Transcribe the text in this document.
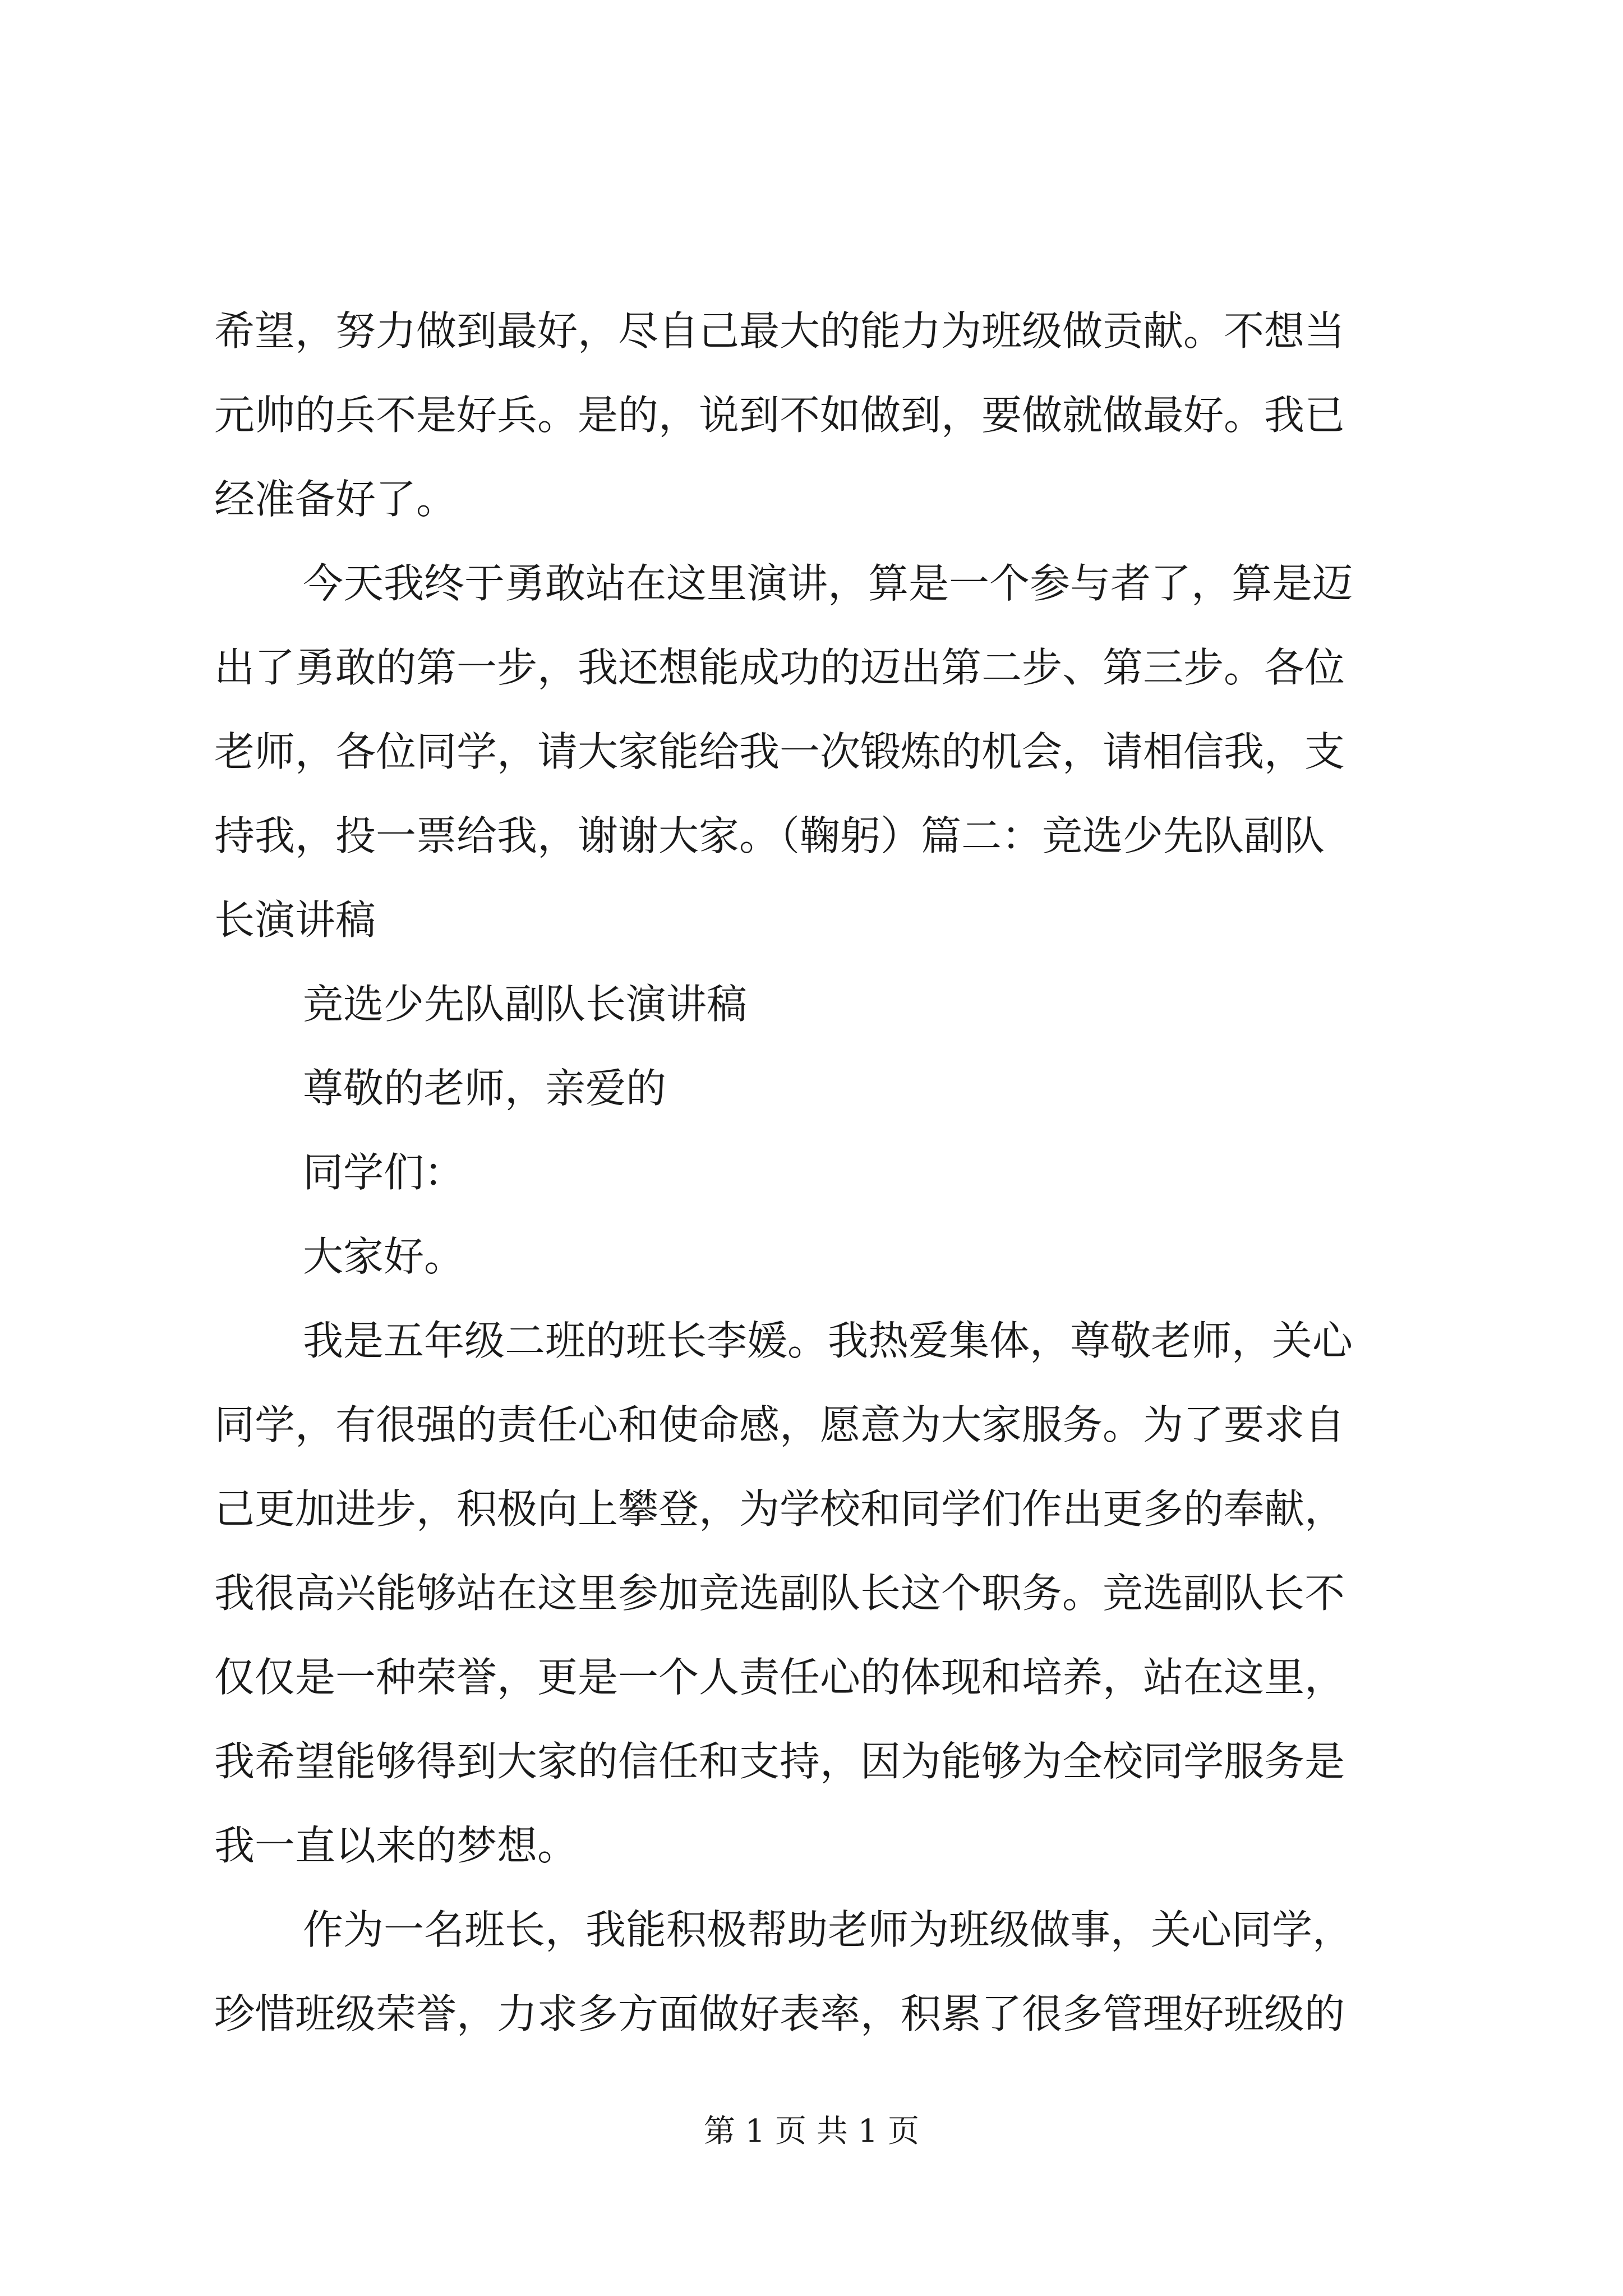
希望，努力做到最好，尽自己最大的能力为班级做贡献。不想当
元帅的兵不是好兵。是的，说到不如做到，要做就做最好。我已
经准备好了。
今天我终于勇敢站在这里演讲，算是一个参与者了，算是迈
出了勇敢的第一步，我还想能成功的迈出第二步、第三步。各位
老师，各位同学，请大家能给我一次锻炼的机会，请相信我，支
持我，投一票给我，谢谢大家。（鞠躬）篇二：竞选少先队副队
长演讲稿
竞选少先队副队长演讲稿
尊敬的老师，亲爱的
同学们：
大家好。
我是五年级二班的班长李媛。我热爱集体，尊敬老师，关心
同学，有很强的责任心和使命感，愿意为大家服务。为了要求自
己更加进步，积极向上攀登，为学校和同学们作出更多的奉献，
我很高兴能够站在这里参加竞选副队长这个职务。竞选副队长不
仅仅是一种荣誉，更是一个人责任心的体现和培养，站在这里，
我希望能够得到大家的信任和支持，因为能够为全校同学服务是
我一直以来的梦想。
作为一名班长，我能积极帮助老师为班级做事，关心同学，
珍惜班级荣誉，力求多方面做好表率，积累了很多管理好班级的
第 1 页 共 1 页
